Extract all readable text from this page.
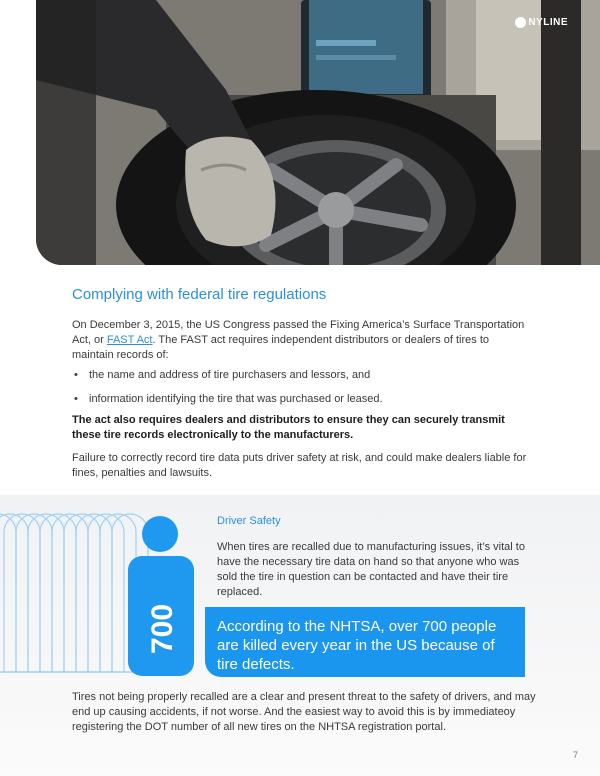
NYLINE
Complying with federal tire regulations

On December 3, 2015, the US Congress passed the Fixing America’s Surface Transportation Act, or FAST Act. The FAST act requires independent distributors or dealers of tires to maintain records of:

• the name and address of tire purchasers and lessors, and
• information identifying the tire that was purchased or leased.

The act also requires dealers and distributors to ensure they can securely transmit these tire records electronically to the manufacturers.

Failure to correctly record tire data puts driver safety at risk, and could make dealers liable for fines, penalties and lawsuits.

700

Driver Safety

When tires are recalled due to manufacturing issues, it’s vital to have the necessary tire data on hand so that anyone who was sold the tire in question can be contacted and have their tire replaced.

According to the NHTSA, over 700 people are killed every year in the US because of tire defects.

Tires not being properly recalled are a clear and present threat to the safety of drivers, and may end up causing accidents, if not worse. And the easiest way to avoid this is by immediateoy registering the DOT number of all new tires on the NHTSA registration portal.

7
